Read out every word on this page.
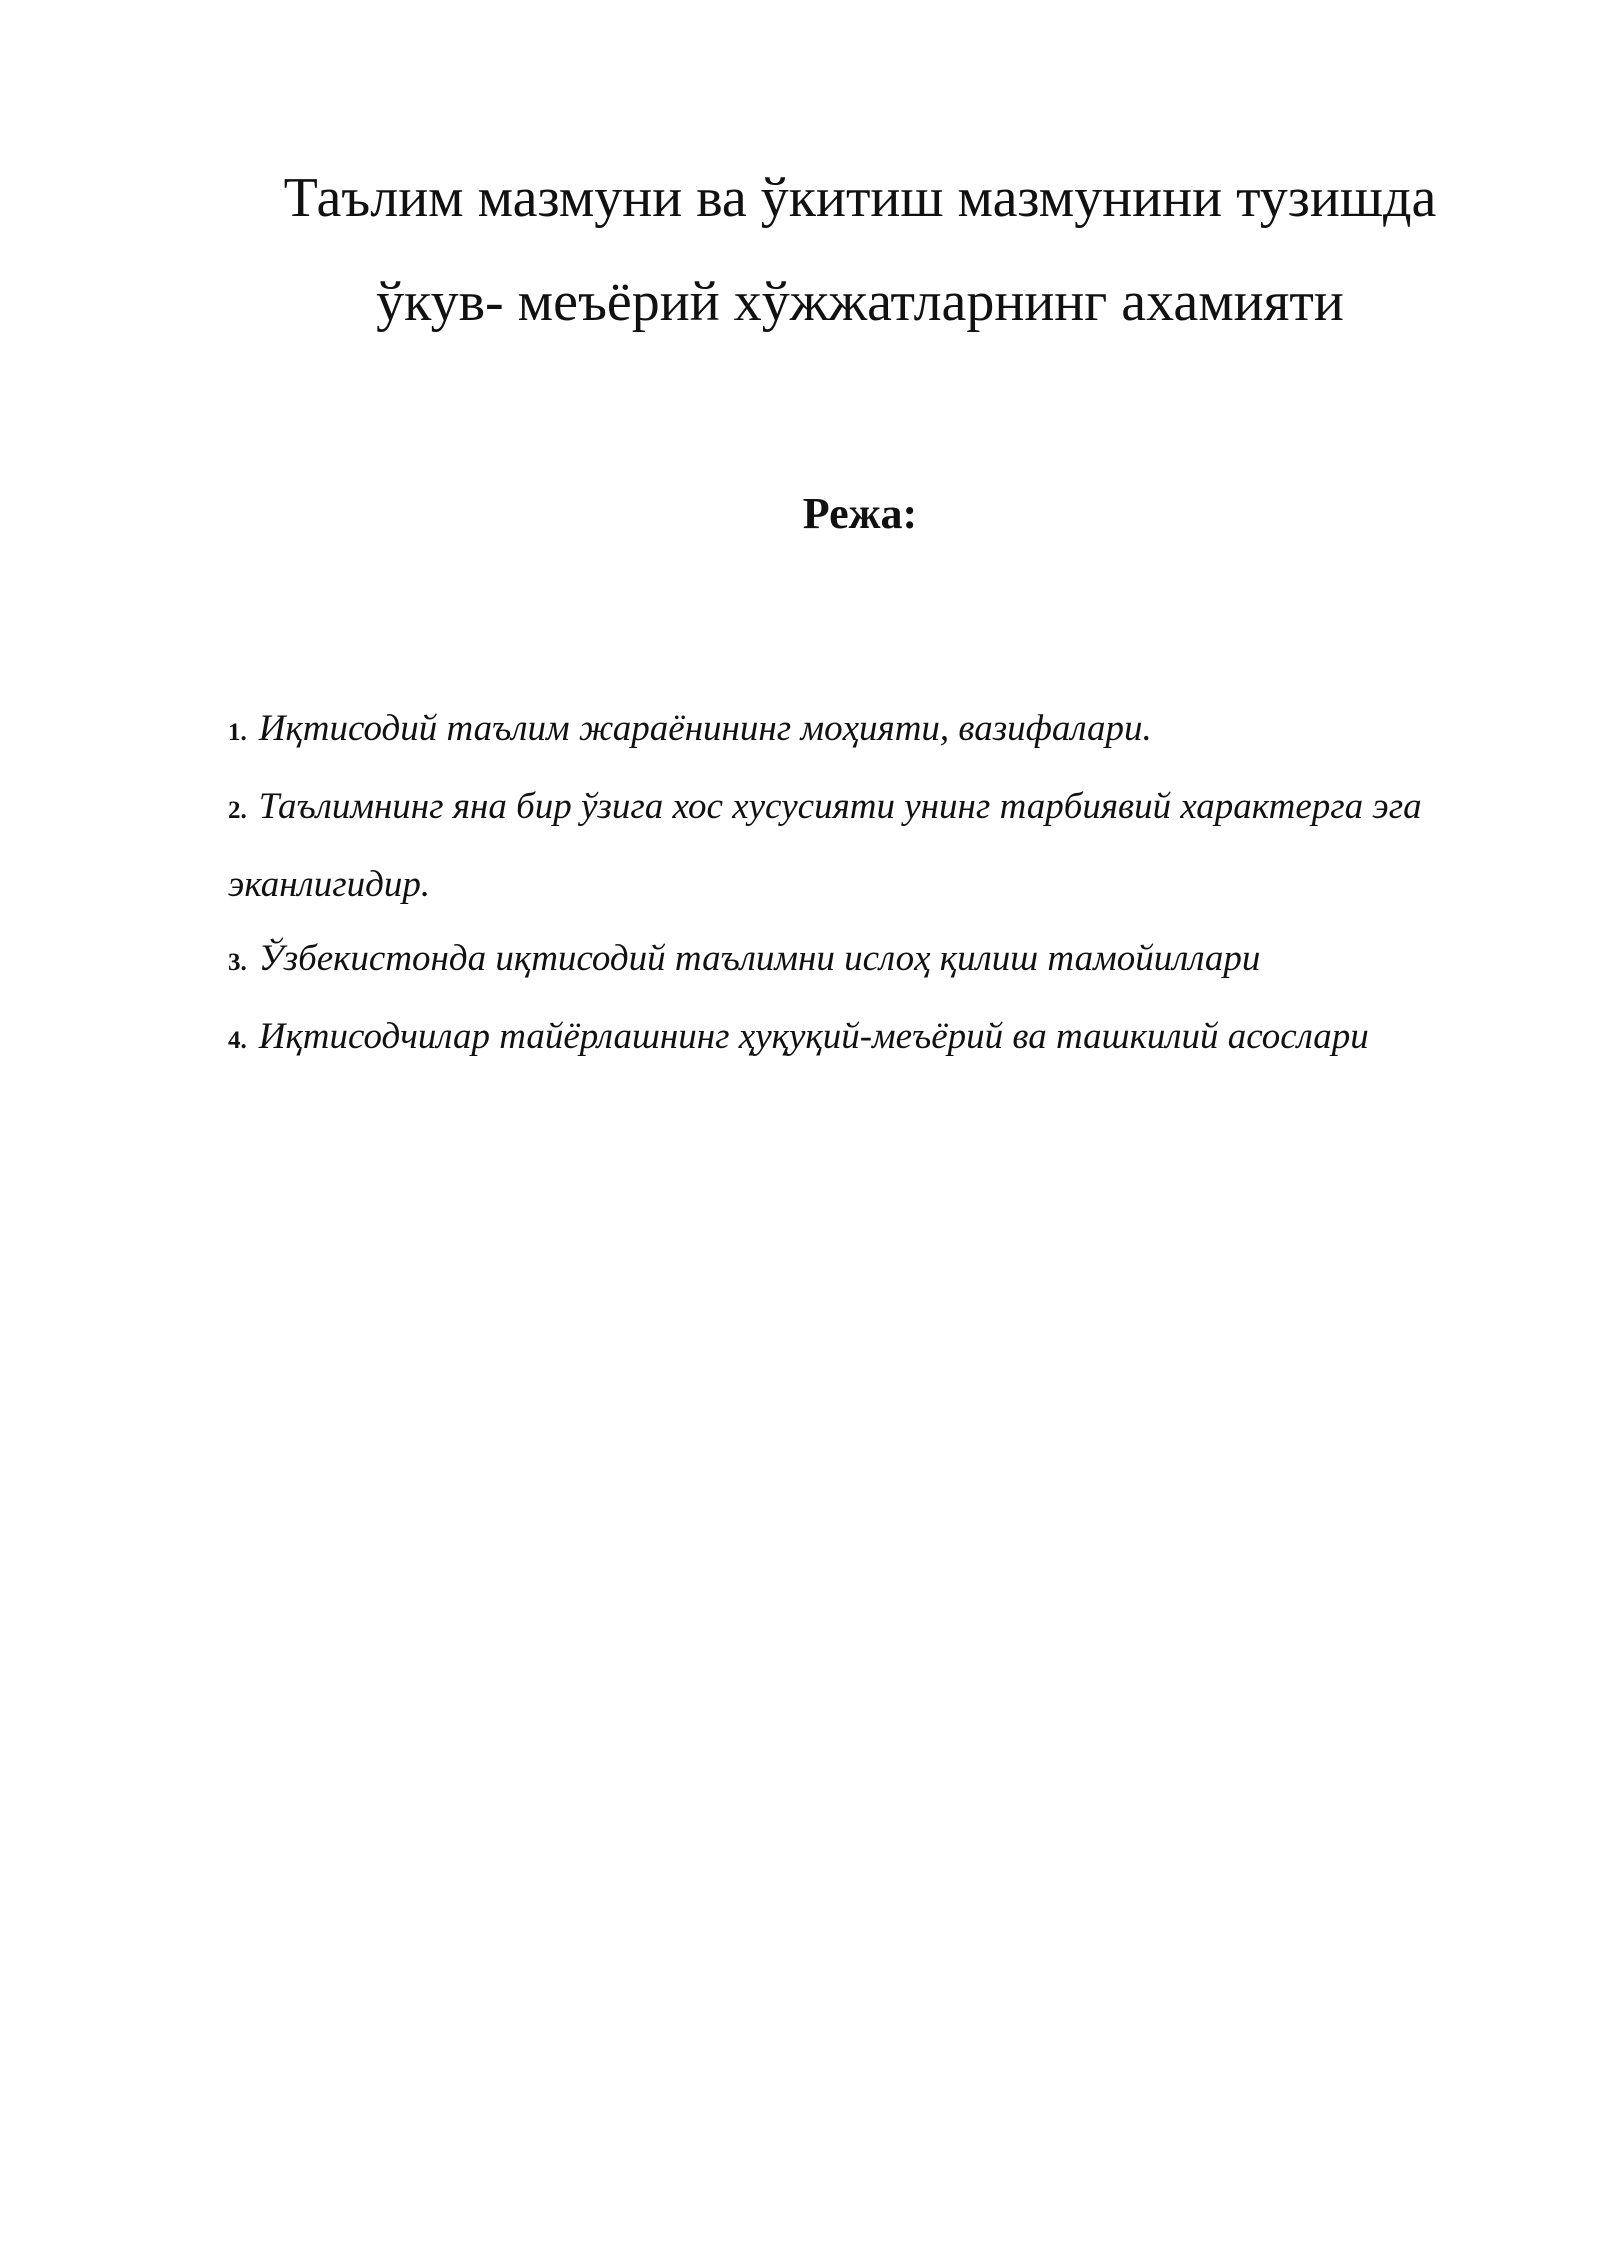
Таълим мазмуни ва ўкитиш мазмунини тузишда
ўкув- меъёрий хўжжатларнинг ахамияти
Режа:
1. Иқтисодий таълим жараёнининг моҳияти, вазифалари.
2. Таълимнинг яна бир ўзига хос хусусияти унинг тарбиявий характерга эга эканлигидир.
3. Ўзбекистонда иқтисодий таълимни ислоҳ қилиш тамойиллари
4. Иқтисодчилар тайёрлашнинг ҳуқуқий-меъёрий ва ташкилий асослари
